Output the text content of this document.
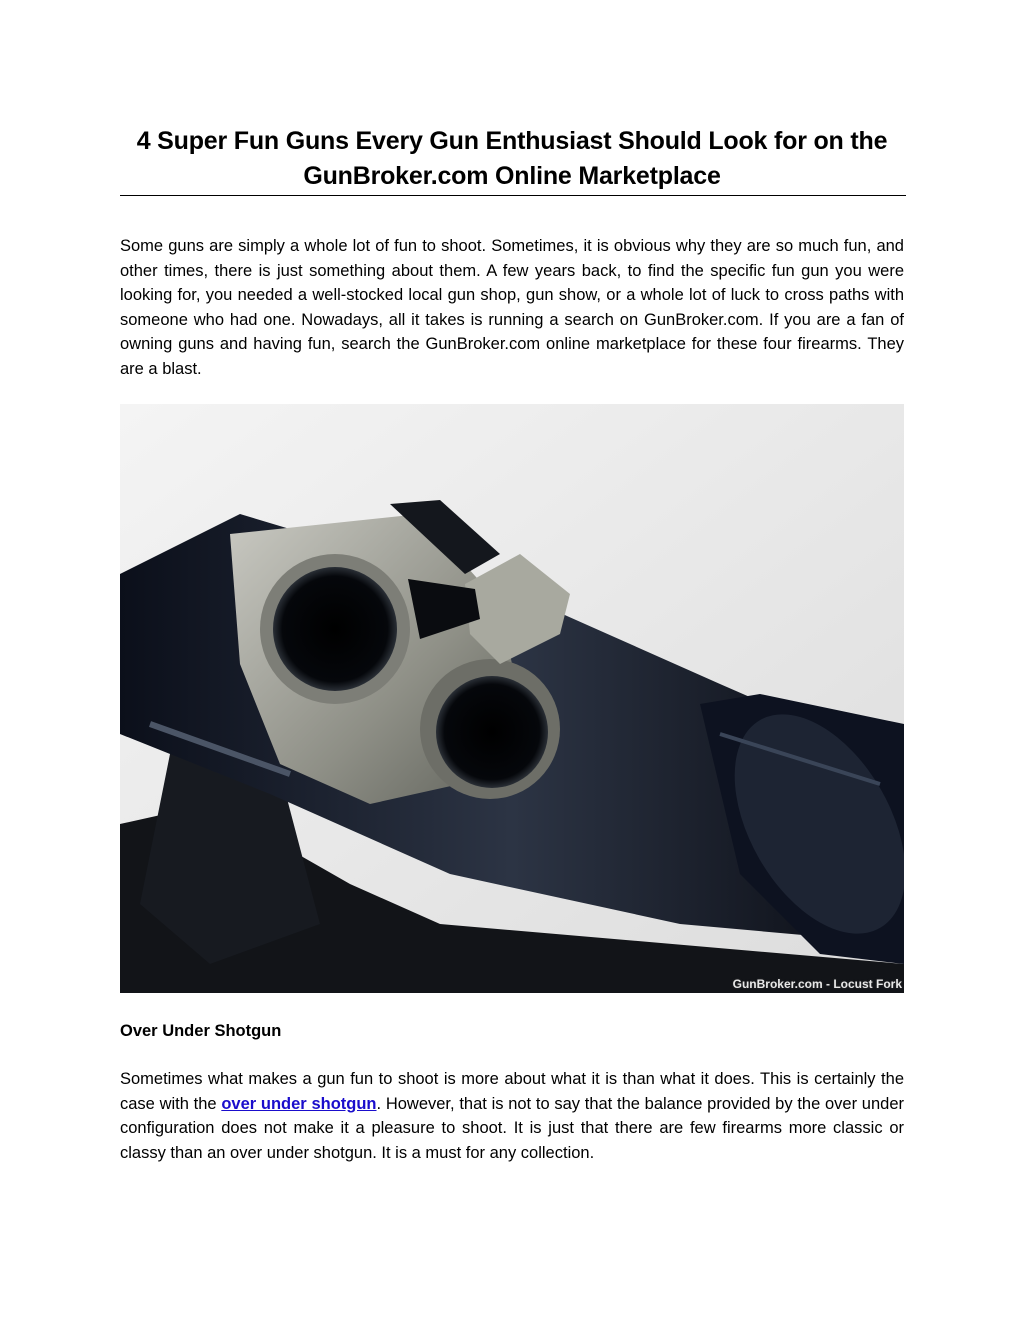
4 Super Fun Guns Every Gun Enthusiast Should Look for on the GunBroker.com Online Marketplace

Some guns are simply a whole lot of fun to shoot. Sometimes, it is obvious why they are so much fun, and other times, there is just something about them. A few years back, to find the specific fun gun you were looking for, you needed a well-stocked local gun shop, gun show, or a whole lot of luck to cross paths with someone who had one. Nowadays, all it takes is running a search on GunBroker.com. If you are a fan of owning guns and having fun, search the GunBroker.com online marketplace for these four firearms. They are a blast.

GunBroker.com - Locust Fork
Over Under Shotgun

Sometimes what makes a gun fun to shoot is more about what it is than what it does. This is certainly the case with the over under shotgun. However, that is not to say that the balance provided by the over under configuration does not make it a pleasure to shoot. It is just that there are few firearms more classic or classy than an over under shotgun. It is a must for any collection.
